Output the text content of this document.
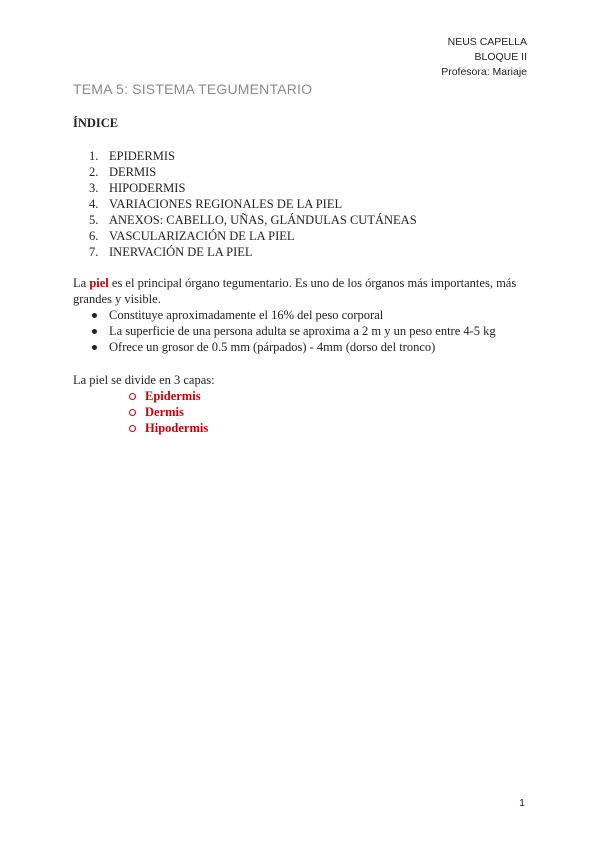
NEUS CAPELLA
BLOQUE II
Profesora: Mariaje
TEMA 5: SISTEMA TEGUMENTARIO
ÍNDICE
1. EPIDERMIS
2. DERMIS
3. HIPODERMIS
4. VARIACIONES REGIONALES DE LA PIEL
5. ANEXOS: CABELLO, UÑAS, GLÁNDULAS CUTÁNEAS
6. VASCULARIZACIÓN DE LA PIEL
7. INERVACIÓN DE LA PIEL

La piel es el principal órgano tegumentario. Es uno de los órganos más importantes, más grandes y visible.

Constituye aproximadamente el 16% del peso corporal
La superficie de una persona adulta se aproxima a 2 m y un peso entre 4-5 kg
Ofrece un grosor de 0.5 mm (párpados) - 4mm (dorso del tronco)

La piel se divide en 3 capas:

Epidermis
Dermis
Hipodermis
1
